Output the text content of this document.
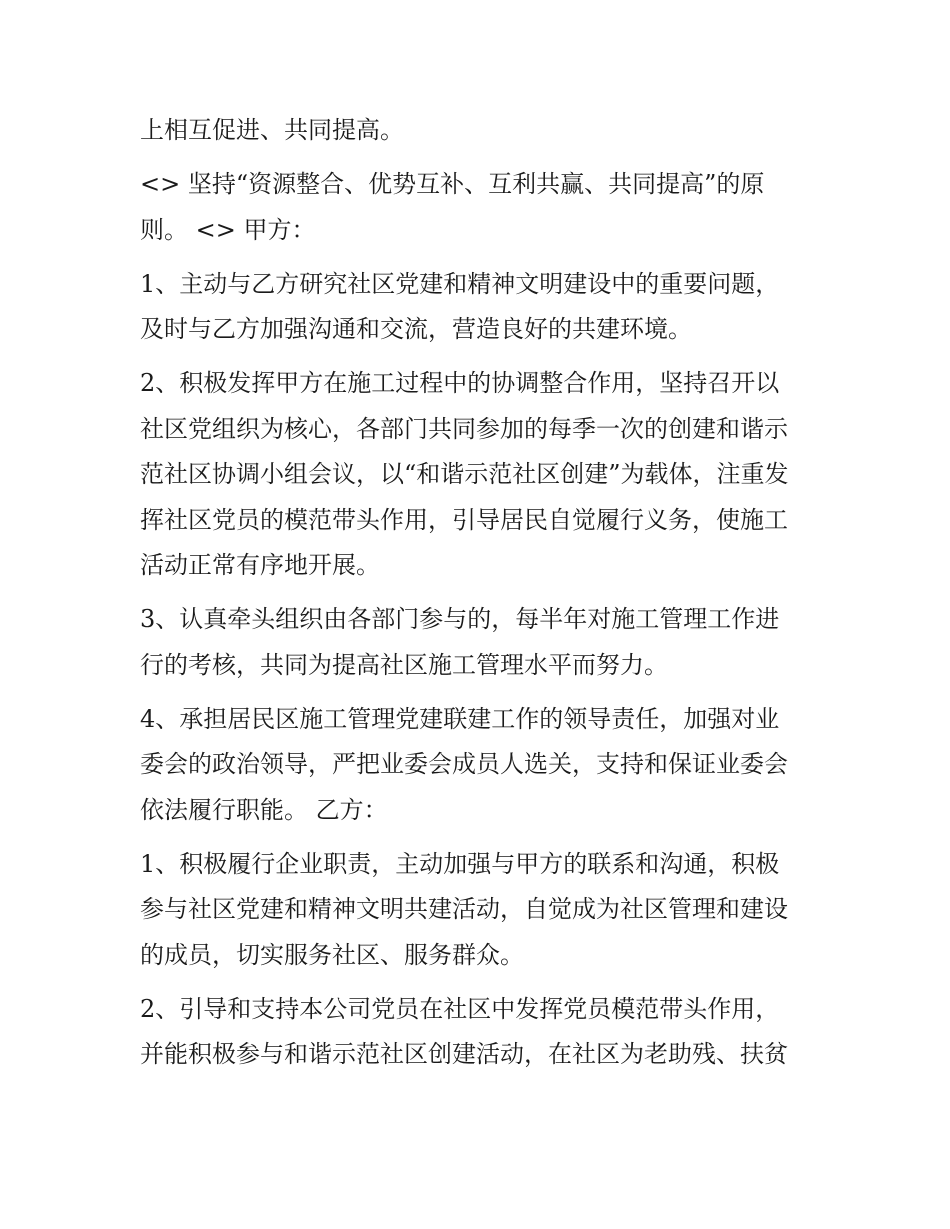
上相互促进、共同提高。

<> 坚持“资源整合、优势互补、互利共赢、共同提高”的原
则。 <> 甲方：

1、主动与乙方研究社区党建和精神文明建设中的重要问题，
及时与乙方加强沟通和交流，营造良好的共建环境。

2、积极发挥甲方在施工过程中的协调整合作用，坚持召开以
社区党组织为核心，各部门共同参加的每季一次的创建和谐示
范社区协调小组会议，以“和谐示范社区创建”为载体，注重发
挥社区党员的模范带头作用，引导居民自觉履行义务，使施工
活动正常有序地开展。

3、认真牵头组织由各部门参与的，每半年对施工管理工作进
行的考核，共同为提高社区施工管理水平而努力。

4、承担居民区施工管理党建联建工作的领导责任，加强对业
委会的政治领导，严把业委会成员人选关，支持和保证业委会
依法履行职能。 乙方：

1、积极履行企业职责，主动加强与甲方的联系和沟通，积极
参与社区党建和精神文明共建活动，自觉成为社区管理和建设
的成员，切实服务社区、服务群众。

2、引导和支持本公司党员在社区中发挥党员模范带头作用，
并能积极参与和谐示范社区创建活动，在社区为老助残、扶贫
